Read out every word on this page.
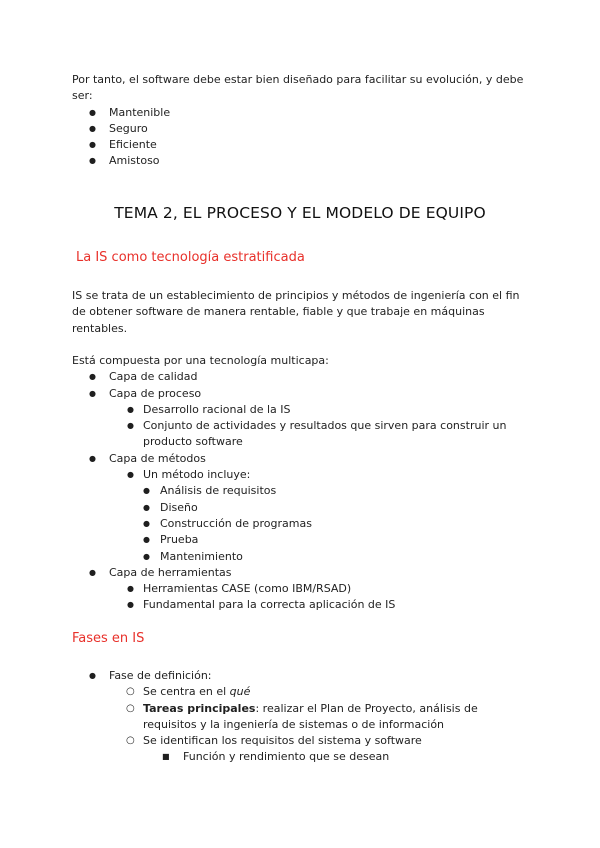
Por tanto, el software debe estar bien diseñado para facilitar su evolución, y debe ser:

● Mantenible
● Seguro
● Eficiente
● Amistoso
TEMA 2, EL PROCESO Y EL MODELO DE EQUIPO
La IS como tecnología estratificada

IS se trata de un establecimiento de principios y métodos de ingeniería con el fin de obtener software de manera rentable, fiable y que trabaje en máquinas rentables.

Está compuesta por una tecnología multicapa:

● Capa de calidad
● Capa de proceso
● Desarrollo racional de la IS
● Conjunto de actividades y resultados que sirven para construir un producto software
● Capa de métodos
● Un método incluye:
● Análisis de requisitos
● Diseño
● Construcción de programas
● Prueba
● Mantenimiento
● Capa de herramientas
● Herramientas CASE (como IBM/RSAD)
● Fundamental para la correcta aplicación de IS
Fases en IS
● Fase de definición:
○ Se centra en el qué
○ Tareas principales: realizar el Plan de Proyecto, análisis de requisitos y la ingeniería de sistemas o de información
○ Se identifican los requisitos del sistema y software
■ Función y rendimiento que se desean
